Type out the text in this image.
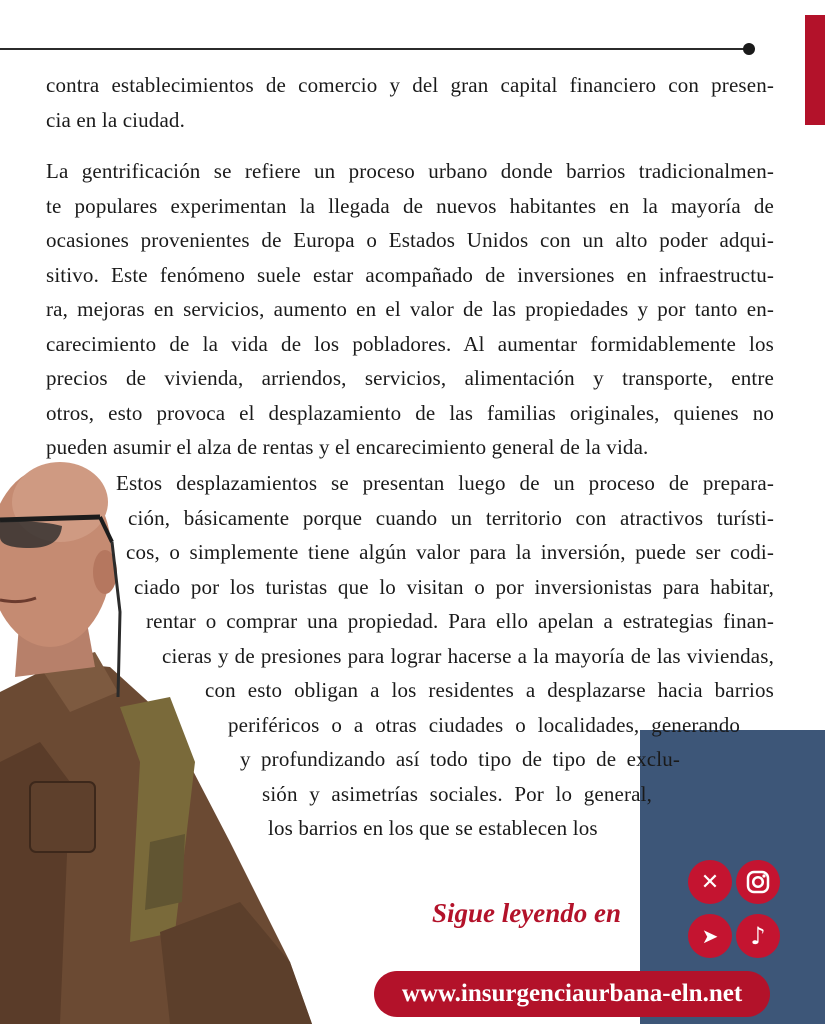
contra establecimientos de comercio y del gran capital financiero con presen-
cia en la ciudad.
La gentrificación se refiere un proceso urbano donde barrios tradicionalmen-
te populares experimentan la llegada de nuevos habitantes en la mayoría de
ocasiones provenientes de Europa o Estados Unidos con un alto poder adqui-
sitivo. Este fenómeno suele estar acompañado de inversiones en infraestructu-
ra, mejoras en servicios, aumento en el valor de las propiedades y por tanto en-
carecimiento de la vida de los pobladores. Al aumentar formidablemente los
precios de vivienda, arriendos, servicios, alimentación y transporte, entre
otros, esto provoca el desplazamiento de las familias originales, quienes no
pueden asumir el alza de rentas y el encarecimiento general de la vida.
Estos desplazamientos se presentan luego de un proceso de prepara-
ción, básicamente porque cuando un territorio con atractivos turísti-
cos, o simplemente tiene algún valor para la inversión, puede ser codi-
ciado por los turistas que lo visitan o por inversionistas para habitar,
rentar o comprar una propiedad. Para ello apelan a estrategias finan-
cieras y de presiones para lograr hacerse a la mayoría de las viviendas,
con esto obligan a los residentes a desplazarse hacia barrios
periféricos o a otras ciudades o localidades, generando
y profundizando así todo tipo de tipo de exclu-
sión y asimetrías sociales. Por lo general,
los barrios en los que se establecen los
✕
➤ ♪
Sigue leyendo en
www.insurgenciaurbana-eln.net
